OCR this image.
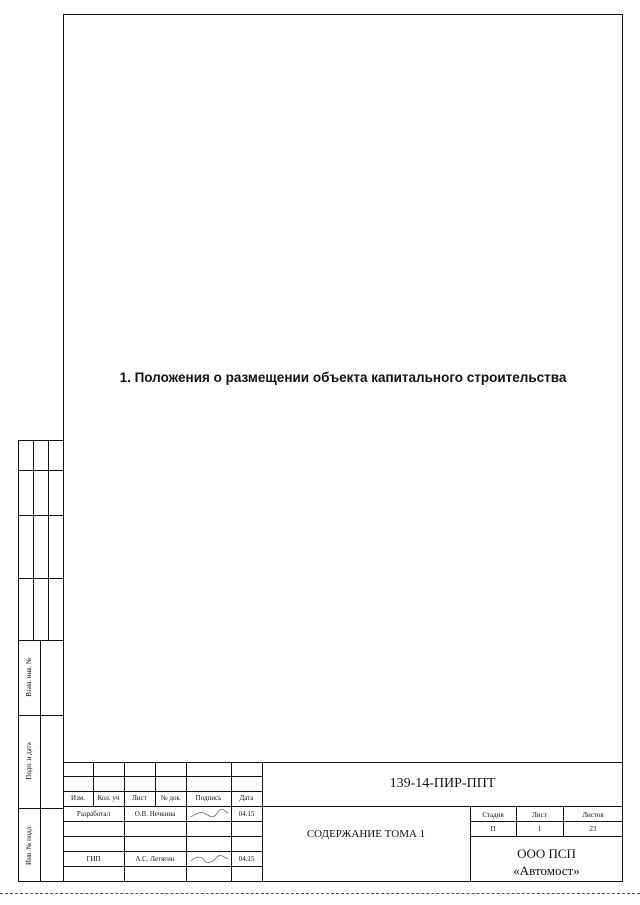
1. Положения о размещении объекта капитального строительства
Взам. инв. №
Подп. и дата
Инв. № подл.
Изм.	Кол. уч	Лист	№ док	Подпись	Дата
Разработал	О.В. Нечкина	04.15
ГИП	А.С. Летягин	04.15
139-14-ПИР-ППТ
СОДЕРЖАНИЕ ТОМА 1
Стадия	Лист	Листов
П	1	23
ООО ПСП
«Автомост»
